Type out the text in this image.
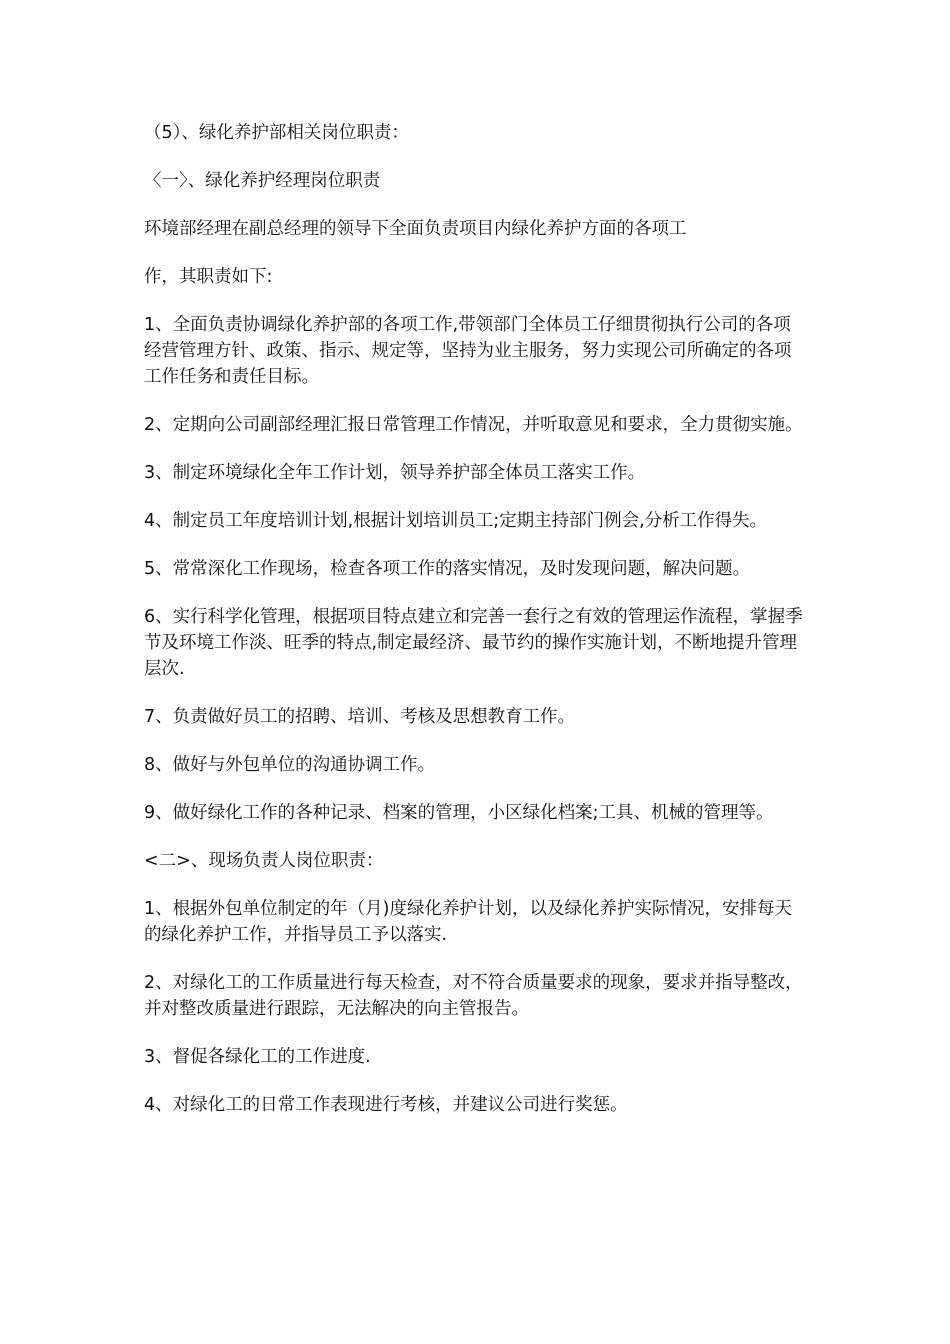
（5）、绿化养护部相关岗位职责：

〈一〉、绿化养护经理岗位职责

环境部经理在副总经理的领导下全面负责项目内绿化养护方面的各项工

作，其职责如下:

1、全面负责协调绿化养护部的各项工作,带领部门全体员工仔细贯彻执行公司的各项经营管理方针、政策、指示、规定等，坚持为业主服务，努力实现公司所确定的各项工作任务和责任目标。

2、定期向公司副部经理汇报日常管理工作情况，并听取意见和要求，全力贯彻实施。

3、制定环境绿化全年工作计划，领导养护部全体员工落实工作。

4、制定员工年度培训计划,根据计划培训员工;定期主持部门例会,分析工作得失。

5、常常深化工作现场，检查各项工作的落实情况，及时发现问题，解决问题。

6、实行科学化管理，根据项目特点建立和完善一套行之有效的管理运作流程，掌握季节及环境工作淡、旺季的特点,制定最经济、最节约的操作实施计划，不断地提升管理层次.

7、负责做好员工的招聘、培训、考核及思想教育工作。

8、做好与外包单位的沟通协调工作。

9、做好绿化工作的各种记录、档案的管理，小区绿化档案;工具、机械的管理等。

<二>、现场负责人岗位职责：

1、根据外包单位制定的年（月)度绿化养护计划，以及绿化养护实际情况，安排每天的绿化养护工作，并指导员工予以落实.

2、对绿化工的工作质量进行每天检查，对不符合质量要求的现象，要求并指导整改，并对整改质量进行跟踪，无法解决的向主管报告。

3、督促各绿化工的工作进度.

4、对绿化工的日常工作表现进行考核，并建议公司进行奖惩。
